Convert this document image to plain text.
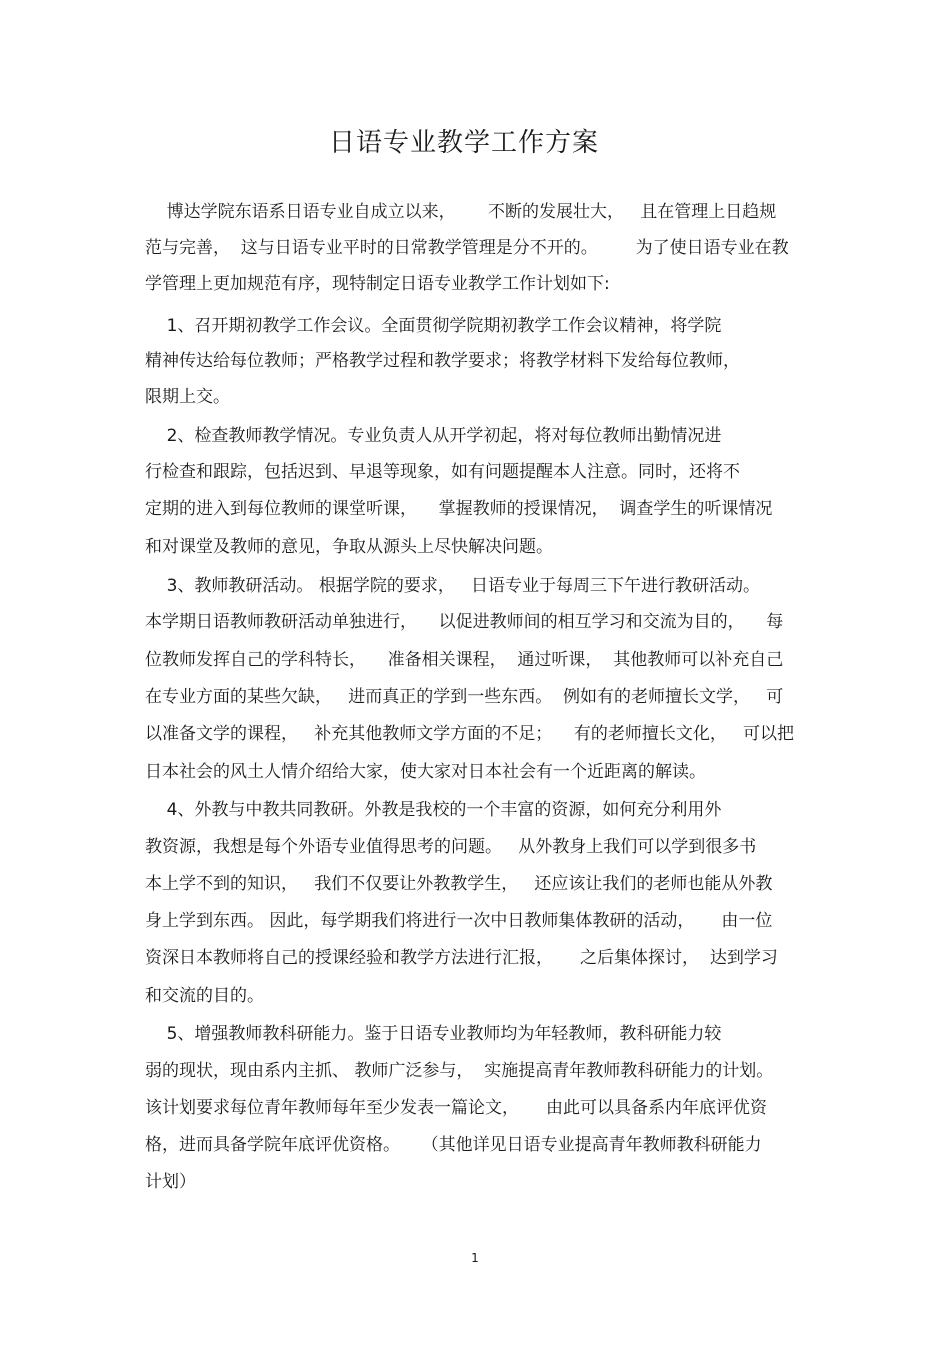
日语专业教学工作方案
博达学院东语系日语专业自成立以来，      不断的发展壮大，   且在管理上日趋规
范与完善，  这与日语专业平时的日常教学管理是分不开的。       为了使日语专业在教
学管理上更加规范有序，现特制定日语专业教学工作计划如下:
1、召开期初教学工作会议。全面贯彻学院期初教学工作会议精神，将学院
精神传达给每位教师；严格教学过程和教学要求；将教学材料下发给每位教师，
限期上交。
2、检查教师教学情况。专业负责人从开学初起，将对每位教师出勤情况进
行检查和跟踪，包括迟到、早退等现象，如有问题提醒本人注意。同时，还将不
定期的进入到每位教师的课堂听课，    掌握教师的授课情况，  调查学生的听课情况
和对课堂及教师的意见，争取从源头上尽快解决问题。
3、教师教研活动。 根据学院的要求，   日语专业于每周三下午进行教研活动。
本学期日语教师教研活动单独进行，    以促进教师间的相互学习和交流为目的，    每
位教师发挥自己的学科特长，    准备相关课程，  通过听课，  其他教师可以补充自己
在专业方面的某些欠缺，   进而真正的学到一些东西。  例如有的老师擅长文学，   可
以准备文学的课程，   补充其他教师文学方面的不足；    有的老师擅长文化，   可以把
日本社会的风土人情介绍给大家，使大家对日本社会有一个近距离的解读。
4、外教与中教共同教研。外教是我校的一个丰富的资源，如何充分利用外
教资源，我想是每个外语专业值得思考的问题。   从外教身上我们可以学到很多书
本上学不到的知识，   我们不仅要让外教教学生，   还应该让我们的老师也能从外教
身上学到东西。 因此，每学期我们将进行一次中日教师集体教研的活动，     由一位
资深日本教师将自己的授课经验和教学方法进行汇报，     之后集体探讨，  达到学习
和交流的目的。
5、增强教师教科研能力。鉴于日语专业教师均为年轻教师，教科研能力较
弱的现状，现由系内主抓、 教师广泛参与，  实施提高青年教师教科研能力的计划。
该计划要求每位青年教师每年至少发表一篇论文，     由此可以具备系内年底评优资
格，进而具备学院年底评优资格。    （其他详见日语专业提高青年教师教科研能力
计划）
1
